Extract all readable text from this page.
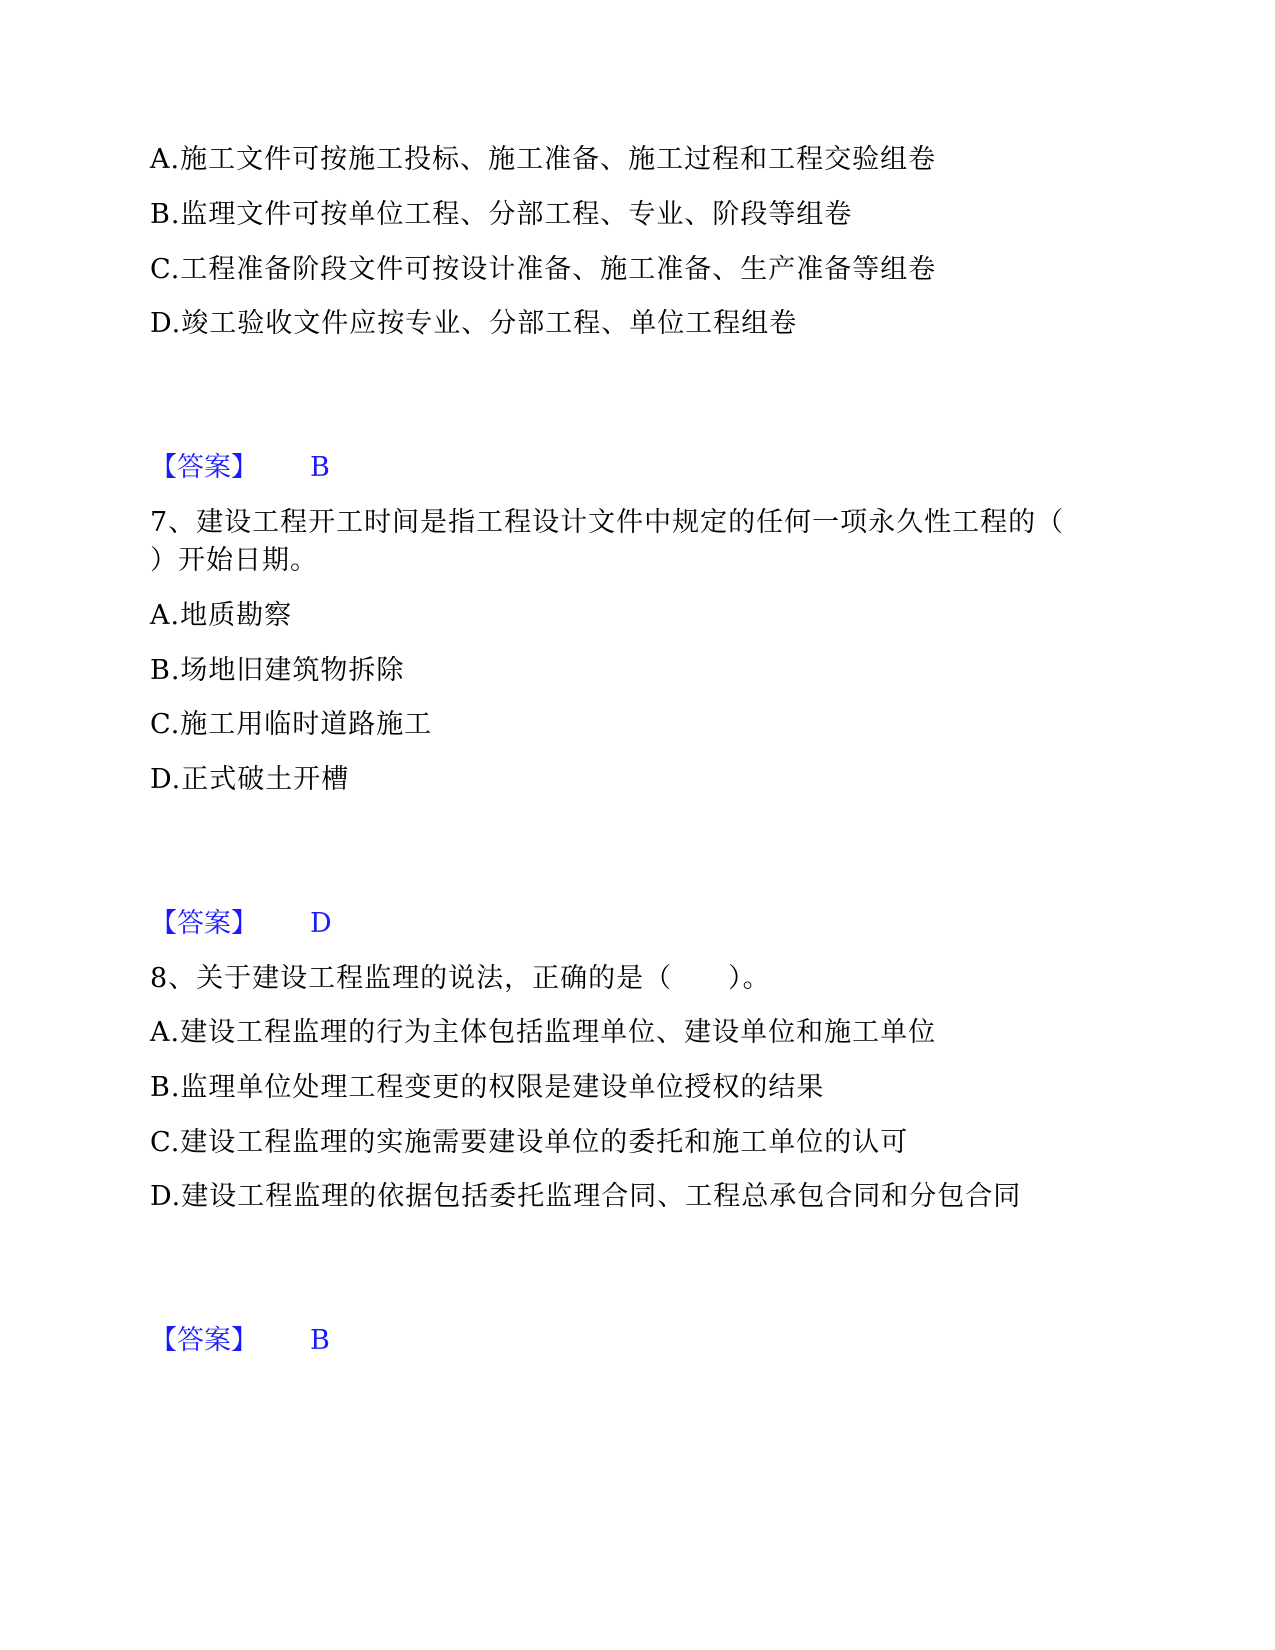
A.施工文件可按施工投标、施工准备、施工过程和工程交验组卷
B.监理文件可按单位工程、分部工程、专业、阶段等组卷
C.工程准备阶段文件可按设计准备、施工准备、生产准备等组卷
D.竣工验收文件应按专业、分部工程、单位工程组卷
【答案】 B
7、建设工程开工时间是指工程设计文件中规定的任何一项永久性工程的（
）开始日期。
A.地质勘察
B.场地旧建筑物拆除
C.施工用临时道路施工
D.正式破土开槽
【答案】 D
8、关于建设工程监理的说法，正确的是（　　）。
A.建设工程监理的行为主体包括监理单位、建设单位和施工单位
B.监理单位处理工程变更的权限是建设单位授权的结果
C.建设工程监理的实施需要建设单位的委托和施工单位的认可
D.建设工程监理的依据包括委托监理合同、工程总承包合同和分包合同
【答案】 B
